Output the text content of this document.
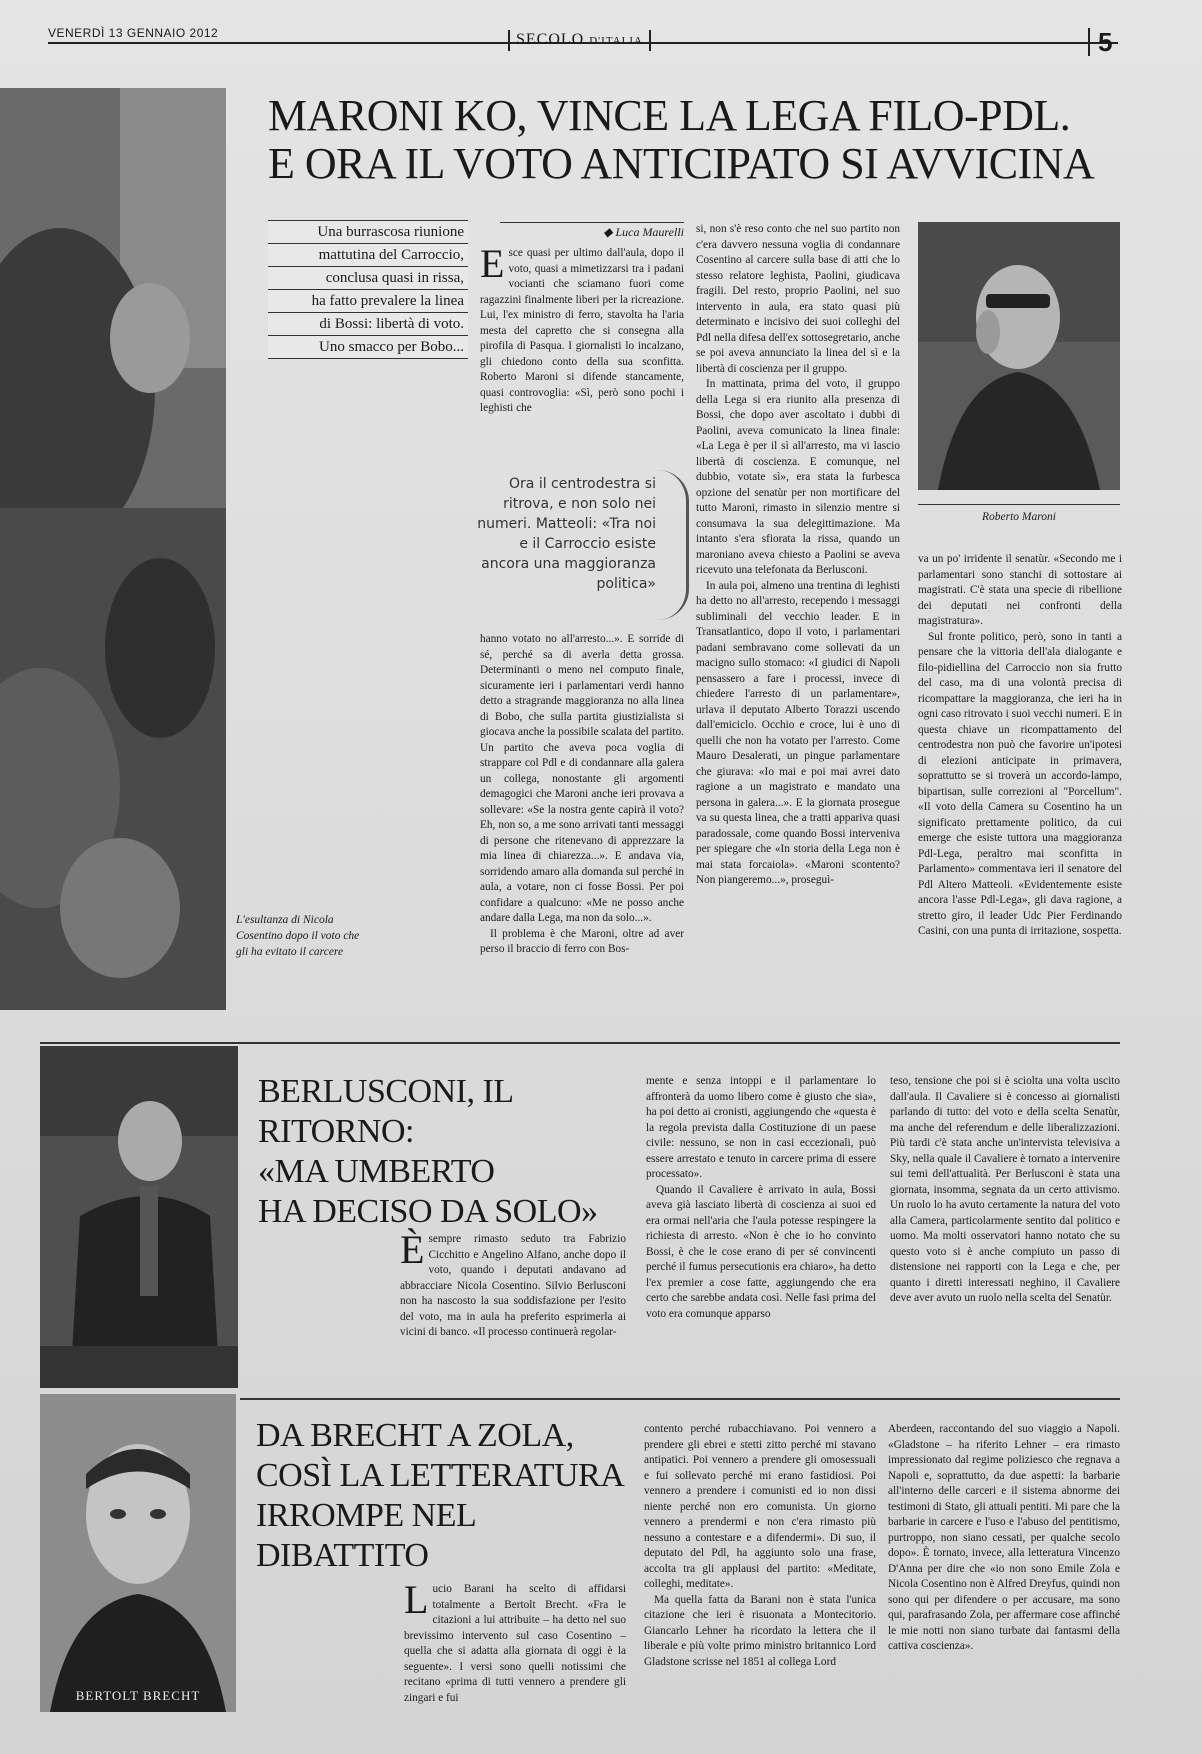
VENERDÌ 13 GENNAIO 2012	SECOLO D'ITALIA	5
L'esultanza di Nicola Cosentino dopo il voto che gli ha evitato il carcere
MARONI KO, VINCE LA LEGA FILO-PDL.
E ORA IL VOTO ANTICIPATO SI AVVICINA
Una burrascosa riunione
mattutina del Carroccio,
conclusa quasi in rissa,
ha fatto prevalere la linea
di Bossi: libertà di voto.
Uno smacco per Bobo...
◆ Luca Maurelli

Esce quasi per ultimo dall'aula, dopo il voto, quasi a mimetizzarsi tra i padani vocianti che sciamano fuori come ragazzini finalmente liberi per la ricreazione. Lui, l'ex ministro di ferro, stavolta ha l'aria mesta del capretto che si consegna alla pirofila di Pasqua. I giornalisti lo incalzano, gli chiedono conto della sua sconfitta. Roberto Maroni si difende stancamente, quasi controvoglia: «Sì, però sono pochi i leghisti che

Ora il centrodestra si ritrova, e non solo nei numeri. Matteoli: «Tra noi e il Carroccio esiste ancora una maggioranza politica»

hanno votato no all'arresto...». E sorride di sé, perché sa di averla detta grossa. Determinanti o meno nel computo finale, sicuramente ieri i parlamentari verdi hanno detto a stragrande maggioranza no alla linea di Bobo, che sulla partita giustizialista si giocava anche la possibile scalata del partito. Un partito che aveva poca voglia di strappare col Pdl e di condannare alla galera un collega, nonostante gli argomenti demagogici che Maroni anche ieri provava a sollevare: «Se la nostra gente capirà il voto? Eh, non so, a me sono arrivati tanti messaggi di persone che ritenevano di apprezzare la mia linea di chiarezza...». E andava via, sorridendo amaro alla domanda sul perché in aula, a votare, non ci fosse Bossi. Per poi confidare a qualcuno: «Me ne posso anche andare dalla Lega, ma non da solo...».

Il problema è che Maroni, oltre ad aver perso il braccio di ferro con Bos-

si, non s'è reso conto che nel suo partito non c'era davvero nessuna voglia di condannare Cosentino al carcere sulla base di atti che lo stesso relatore leghista, Paolini, giudicava fragili. Del resto, proprio Paolini, nel suo intervento in aula, era stato quasi più determinato e incisivo dei suoi colleghi del Pdl nella difesa dell'ex sottosegretario, anche se poi aveva annunciato la linea del sì e la libertà di coscienza per il gruppo.

In mattinata, prima del voto, il gruppo della Lega si era riunito alla presenza di Bossi, che dopo aver ascoltato i dubbi di Paolini, aveva comunicato la linea finale: «La Lega è per il sì all'arresto, ma vi lascio libertà di coscienza. E comunque, nel dubbio, votate sì», era stata la furbesca opzione del senatùr per non mortificare del tutto Maroni, rimasto in silenzio mentre si consumava la sua delegittimazione. Ma intanto s'era sfiorata la rissa, quando un maroniano aveva chiesto a Paolini se aveva ricevuto una telefonata da Berlusconi.

In aula poi, almeno una trentina di leghisti ha detto no all'arresto, recependo i messaggi subliminali del vecchio leader. E in Transatlantico, dopo il voto, i parlamentari padani sembravano come sollevati da un macigno sullo stomaco: «I giudici di Napoli pensassero a fare i processi, invece di chiedere l'arresto di un parlamentare», urlava il deputato Alberto Torazzi uscendo dall'emiciclo. Occhio e croce, lui è uno di quelli che non ha votato per l'arresto. Come Mauro Desalerati, un pingue parlamentare che giurava: «Io mai e poi mai avrei dato ragione a un magistrato e mandato una persona in galera...». E la giornata prosegue va su questa linea, che a tratti appariva quasi paradossale, come quando Bossi interveniva per spiegare che «In storia della Lega non è mai stata forcaiola». «Maroni scontento? Non piangeremo...», proseguì-

Roberto Maroni

va un po' irridente il senatùr. «Secondo me i parlamentari sono stanchi di sottostare ai magistrati. C'è stata una specie di ribellione dei deputati nei confronti della magistratura».

Sul fronte politico, però, sono in tanti a pensare che la vittoria dell'ala dialogante e filo-pidiellina del Carroccio non sia frutto del caso, ma di una volontà precisa di ricompattare la maggioranza, che ieri ha in ogni caso ritrovato i suoi vecchi numeri. E in questa chiave un ricompattamento del centrodestra non può che favorire un'ipotesi di elezioni anticipate in primavera, soprattutto se si troverà un accordo-lampo, bipartisan, sulle correzioni al "Porcellum". «Il voto della Camera su Cosentino ha un significato prettamente politico, da cui emerge che esiste tuttora una maggioranza Pdl-Lega, peraltro mai sconfitta in Parlamento» commentava ieri il senatore del Pdl Altero Matteoli. «Evidentemente esiste ancora l'asse Pdl-Lega», gli dava ragione, a stretto giro, il leader Udc Pier Ferdinando Casini, con una punta di irritazione, sospetta.

BERLUSCONI, IL RITORNO:
«MA UMBERTO
HA DECISO DA SOLO»

Èsempre rimasto seduto tra Fabrizio Cicchitto e Angelino Alfano, anche dopo il voto, quando i deputati andavano ad abbracciare Nicola Cosentino. Silvio Berlusconi non ha nascosto la sua soddisfazione per l'esito del voto, ma in aula ha preferito esprimerla ai vicini di banco. «Il processo continuerà regolar-

mente e senza intoppi e il parlamentare lo affronterà da uomo libero come è giusto che sia», ha poi detto ai cronisti, aggiungendo che «questa è la regola prevista dalla Costituzione di un paese civile: nessuno, se non in casi eccezionali, può essere arrestato e tenuto in carcere prima di essere processato».

Quando il Cavaliere è arrivato in aula, Bossi aveva già lasciato libertà di coscienza ai suoi ed era ormai nell'aria che l'aula potesse respingere la richiesta di arresto. «Non è che io ho convinto Bossi, è che le cose erano di per sé convincenti perché il fumus persecutionis era chiaro», ha detto l'ex premier a cose fatte, aggiungendo che era certo che sarebbe andata così. Nelle fasi prima del voto era comunque apparso

teso, tensione che poi si è sciolta una volta uscito dall'aula. Il Cavaliere si è concesso ai giornalisti parlando di tutto: del voto e della scelta Senatùr, ma anche del referendum e delle liberalizzazioni. Più tardi c'è stata anche un'intervista televisiva a Sky, nella quale il Cavaliere è tornato a intervenire sui temi dell'attualità. Per Berlusconi è stata una giornata, insomma, segnata da un certo attivismo. Un ruolo lo ha avuto certamente la natura del voto alla Camera, particolarmente sentito dal politico e uomo. Ma molti osservatori hanno notato che su questo voto si è anche compiuto un passo di distensione nei rapporti con la Lega e che, per quanto i diretti interessati neghino, il Cavaliere deve aver avuto un ruolo nella scelta del Senatùr.

BERTOLT BRECHT
DA BRECHT A ZOLA,
COSÌ LA LETTERATURA
IRROMPE NEL DIBATTITO

Lucio Barani ha scelto di affidarsi totalmente a Bertolt Brecht. «Fra le citazioni a lui attribuite – ha detto nel suo brevissimo intervento sul caso Cosentino – quella che si adatta alla giornata di oggi è la seguente». I versi sono quelli notissimi che recitano «prima di tutti vennero a prendere gli zingari e fui

contento perché rubacchiavano. Poi vennero a prendere gli ebrei e stetti zitto perché mi stavano antipatici. Poi vennero a prendere gli omosessuali e fui sollevato perché mi erano fastidiosi. Poi vennero a prendere i comunisti ed io non dissi niente perché non ero comunista. Un giorno vennero a prendermi e non c'era rimasto più nessuno a contestare e a difendermi». Di suo, il deputato del Pdl, ha aggiunto solo una frase, accolta tra gli applausi del partito: «Meditate, colleghi, meditate».

Ma quella fatta da Barani non è stata l'unica citazione che ieri è risuonata a Montecitorio. Giancarlo Lehner ha ricordato la lettera che il liberale e più volte primo ministro britannico Lord Gladstone scrisse nel 1851 al collega Lord

Aberdeen, raccontando del suo viaggio a Napoli. «Gladstone – ha riferito Lehner – era rimasto impressionato dal regime poliziesco che regnava a Napoli e, soprattutto, da due aspetti: la barbarie all'interno delle carceri e il sistema abnorme dei testimoni di Stato, gli attuali pentiti. Mi pare che la barbarie in carcere e l'uso e l'abuso del pentitismo, purtroppo, non siano cessati, per qualche secolo dopo». È tornato, invece, alla letteratura Vincenzo D'Anna per dire che «io non sono Emile Zola e Nicola Cosentino non è Alfred Dreyfus, quindi non sono qui per difendere o per accusare, ma sono qui, parafrasando Zola, per affermare cose affinché le mie notti non siano turbate dai fantasmi della cattiva coscienza».
